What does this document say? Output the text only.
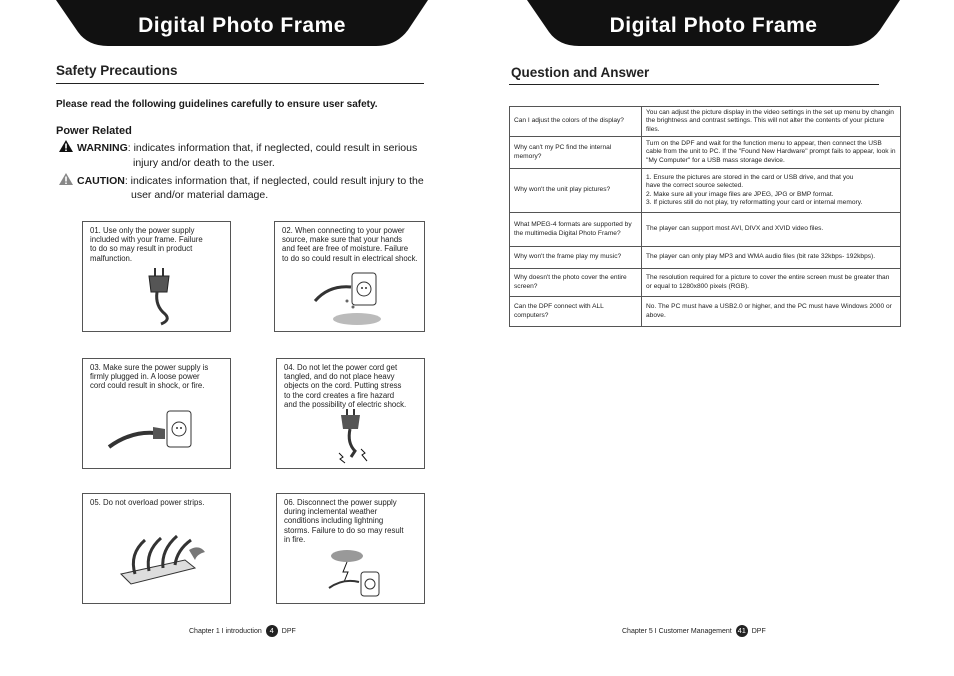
Digital Photo Frame
Safety Precautions
Please read the following guidelines carefully to ensure user safety.
Power Related
WARNING: indicates information that, if neglected, could result in serious
injury and/or death to the user.
CAUTION: indicates information that, if neglected, could result injury to the
user and/or material damage.
01. Use only the power supply
included with your frame. Failure
to do so may result in product
malfunction.
02. When connecting to your power
source, make sure that your hands
and feet are free of moisture. Failure
to do so could result in electrical shock.
03. Make sure the power supply is
firmly plugged in. A loose power
cord could result in shock, or fire.
04. Do not let the power cord get
tangled, and do not place heavy
objects on the cord. Putting stress
to the cord creates a fire hazard
and the possibility of electric shock.
05. Do not overload power strips.	06. Disconnect the power supply
during inclemental weather
conditions including lightning
storms. Failure to do so may result
in fire.
Chapter 1 I introduction	4	DPF
Digital Photo Frame
Question and Answer
Can I adjust the colors of the display?	You can adjust the picture display in the video settings in the set up menu by changin the brightness and contrast settings. This will not alter the contents of your picture files.
Why can't my PC find the internal memory?	Turn on the DPF and wait for the function menu to appear, then connect the USB cable from the unit to PC. If the "Found New Hardware" prompt fails to appear, look in "My Computer" for a USB mass storage device.
Why won't the unit play pictures?	1. Ensure the pictures are stored in the card or USB drive, and that you
have the correct source selected.
2. Make sure all your image files are JPEG, JPG or BMP format.
3. If pictures still do not play, try reformatting your card or internal memory.
What MPEG-4 formats are supported by the multimedia Digital Photo Frame?	The player can support most AVI, DIVX and XVID video files.
Why won't the frame play my music?	The player can only play MP3 and WMA audio files (bit rate 32kbps- 192kbps).
Why doesn't the photo cover the entire screen?	The resolution required for a picture to cover the entire screen must be greater than or equal to 1280x800 pixels (RGB).
Can the DPF connect with ALL computers?	No. The PC must have a USB2.0 or higher, and the PC must have Windows 2000 or above.
Chapter 5 I Customer Management 41 DPF
